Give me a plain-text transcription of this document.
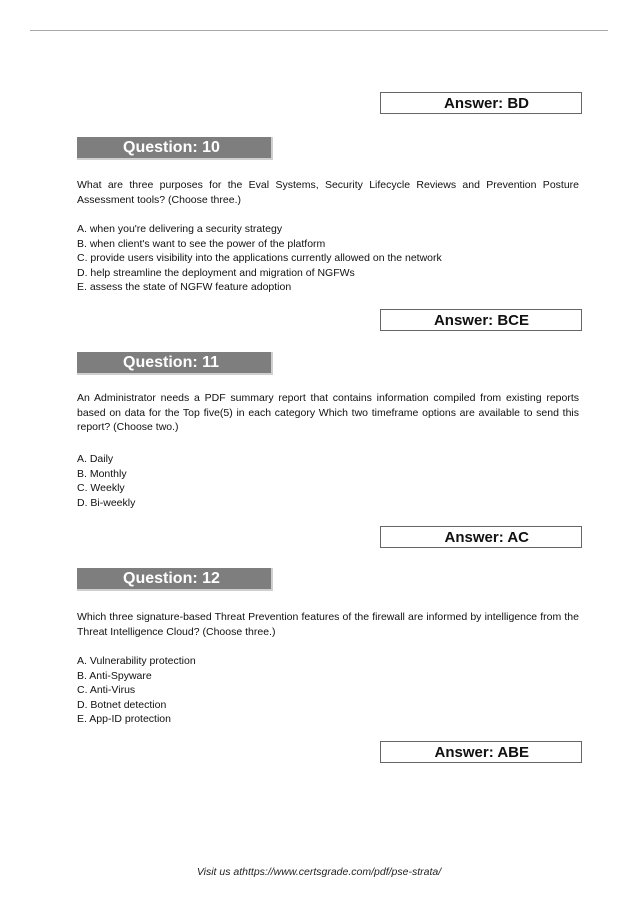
Answer: BD
Question: 10

What are three purposes for the Eval Systems, Security Lifecycle Reviews and Prevention Posture Assessment tools? (Choose three.)

A. when you're delivering a security strategy
B. when client's want to see the power of the platform
C. provide users visibility into the applications currently allowed on the network
D. help streamline the deployment and migration of NGFWs
E. assess the state of NGFW feature adoption
Answer: BCE
Question: 11

An Administrator needs a PDF summary report that contains information compiled from existing reports based on data for the Top five(5) in each category Which two timeframe options are available to send this report? (Choose two.)

A. Daily
B. Monthly
C. Weekly
D. Bi-weekly
Answer: AC
Question: 12

Which three signature-based Threat Prevention features of the firewall are informed by intelligence from the Threat Intelligence Cloud? (Choose three.)

A. Vulnerability protection
B. Anti-Spyware
C. Anti-Virus
D. Botnet detection
E. App-ID protection
Answer: ABE
Visit us athttps://www.certsgrade.com/pdf/pse-strata/
